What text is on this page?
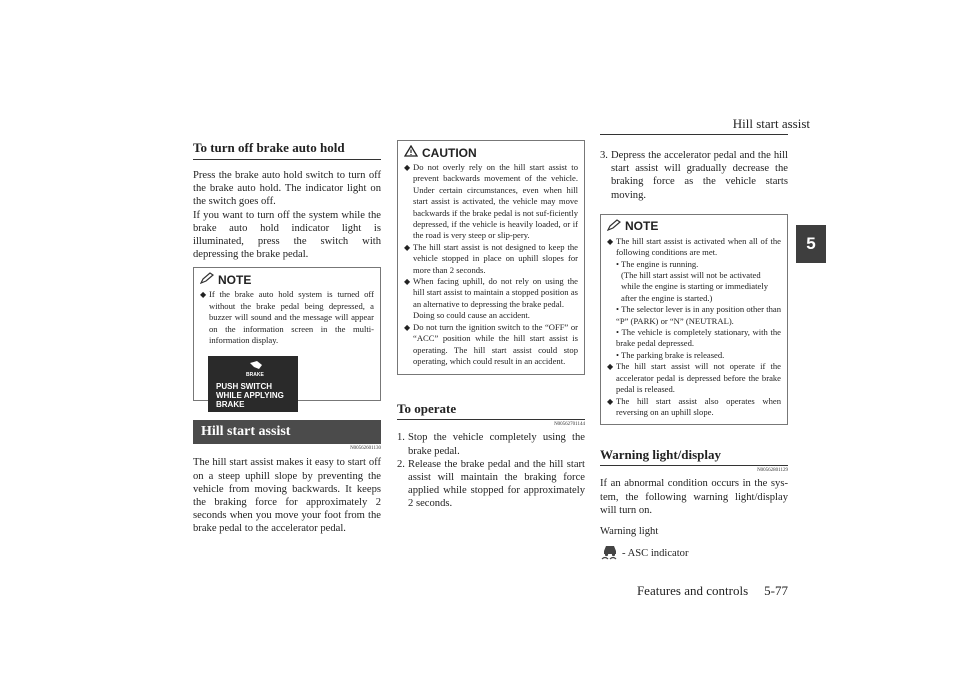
Hill start assist
5
To turn off brake auto hold
Press the brake auto hold switch to turn off the brake auto hold. The indicator light on the switch goes off.
If you want to turn off the system while the brake auto hold indicator light is illuminated, press the switch with depressing the brake pedal.
NOTE
◆ If the brake auto hold system is turned off without the brake pedal being depressed, a buzzer will sound and the message will appear on the information screen in the multi-information display.
BRAKE
PUSH SWITCH
WHILE APPLYING
BRAKE
Hill start assist
N00562601130
The hill start assist makes it easy to start off on a steep uphill slope by preventing the vehicle from moving backwards. It keeps the braking force for approximately 2 seconds when you move your foot from the brake pedal to the accelerator pedal.
CAUTION
◆ Do not overly rely on the hill start assist to prevent backwards movement of the vehicle. Under certain circumstances, even when hill start assist is activated, the vehicle may move backwards if the brake pedal is not suf-ficiently depressed, if the vehicle is heavily loaded, or if the road is very steep or slip-pery.
◆ The hill start assist is not designed to keep the vehicle stopped in place on uphill slopes for more than 2 seconds.
◆ When facing uphill, do not rely on using the hill start assist to maintain a stopped position as an alternative to depressing the brake pedal.
Doing so could cause an accident.
◆ Do not turn the ignition switch to the “OFF” or “ACC” position while the hill start assist is operating. The hill start assist could stop operating, which could result in an accident.
To operate
N00562701144
1. Stop the vehicle completely using the brake pedal.
2. Release the brake pedal and the hill start assist will maintain the braking force applied while stopped for approximately 2 seconds.
3. Depress the accelerator pedal and the hill start assist will gradually decrease the braking force as the vehicle starts moving.
NOTE
◆ The hill start assist is activated when all of the following conditions are met.
• The engine is running.
(The hill start assist will not be activated while the engine is starting or immediately after the engine is started.)
• The selector lever is in any position other than “P” (PARK) or “N” (NEUTRAL).
• The vehicle is completely stationary, with the brake pedal depressed.
• The parking brake is released.
◆ The hill start assist will not operate if the accelerator pedal is depressed before the brake pedal is released.
◆ The hill start assist also operates when reversing on an uphill slope.
Warning light/display
N00562801129
If an abnormal condition occurs in the sys-tem, the following warning light/display will turn on.
Warning light
- ASC indicator
Features and controls 5-77
